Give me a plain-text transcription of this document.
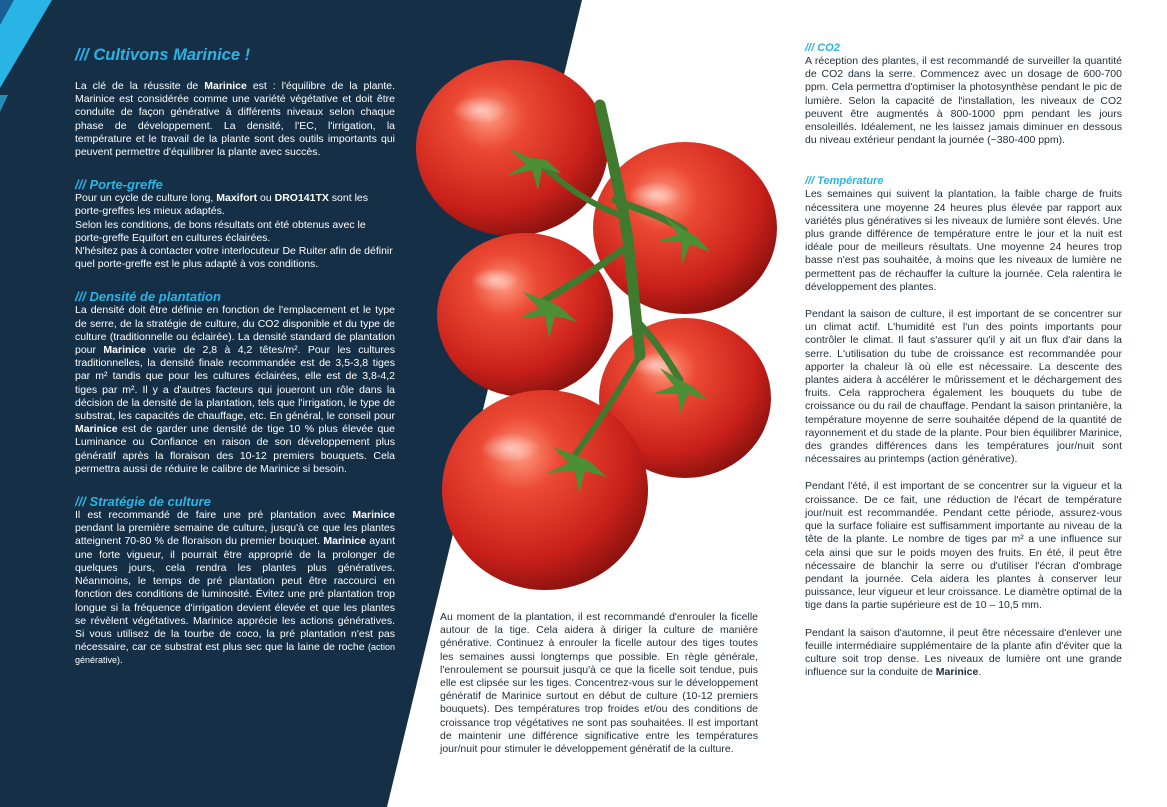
/// Cultivons Marinice !

La clé de la réussite de Marinice est : l'équilibre de la plante. Marinice est considérée comme une variété végétative et doit être conduite de façon générative à différents niveaux selon chaque phase de développement. La densité, l'EC, l'irrigation, la température et le travail de la plante sont des outils importants qui peuvent permettre d'équilibrer la plante avec succès.

/// Porte-greffe

Pour un cycle de culture long, Maxifort ou DRO141TX sont les porte-greffes les mieux adaptés.

Selon les conditions, de bons résultats ont été obtenus avec le porte-greffe Equifort en cultures éclairées.

N'hésitez pas à contacter votre interlocuteur De Ruiter afin de définir quel porte-greffe est le plus adapté à vos conditions.

/// Densité de plantation

La densité doit être définie en fonction de l'emplacement et le type de serre, de la stratégie de culture, du CO2 disponible et du type de culture (traditionnelle ou éclairée). La densité standard de plantation pour Marinice varie de 2,8 à 4,2 têtes/m². Pour les cultures traditionnelles, la densité finale recommandée est de 3,5-3,8 tiges par m² tandis que pour les cultures éclairées, elle est de 3,8-4,2 tiges par m². Il y a d'autres facteurs qui joueront un rôle dans la décision de la densité de la plantation, tels que l'irrigation, le type de substrat, les capacités de chauffage, etc. En général, le conseil pour Marinice est de garder une densité de tige 10 % plus élevée que Luminance ou Confiance en raison de son développement plus génératif après la floraison des 10-12 premiers bouquets. Cela permettra aussi de réduire le calibre de Marinice si besoin.

/// Stratégie de culture

Il est recommandé de faire une pré plantation avec Marinice pendant la première semaine de culture, jusqu'à ce que les plantes atteignent 70-80 % de floraison du premier bouquet. Marinice ayant une forte vigueur, il pourrait être approprié de la prolonger de quelques jours, cela rendra les plantes plus génératives. Néanmoins, le temps de pré plantation peut être raccourci en fonction des conditions de luminosité. Évitez une pré plantation trop longue si la fréquence d'irrigation devient élevée et que les plantes se révèlent végétatives. Marinice apprécie les actions génératives. Si vous utilisez de la tourbe de coco, la pré plantation n'est pas nécessaire, car ce substrat est plus sec que la laine de roche (action générative).

Au moment de la plantation, il est recommandé d'enrouler la ficelle autour de la tige. Cela aidera à diriger la culture de manière générative. Continuez à enrouler la ficelle autour des tiges toutes les semaines aussi longtemps que possible. En règle générale, l'enroulement se poursuit jusqu'à ce que la ficelle soit tendue, puis elle est clipsée sur les tiges. Concentrez-vous sur le développement génératif de Marinice surtout en début de culture (10-12 premiers bouquets). Des températures trop froides et/ou des conditions de croissance trop végétatives ne sont pas souhaitées. Il est important de maintenir une différence significative entre les températures jour/nuit pour stimuler le développement génératif de la culture.

/// CO2

A réception des plantes, il est recommandé de surveiller la quantité de CO2 dans la serre. Commencez avec un dosage de 600-700 ppm. Cela permettra d'optimiser la photosynthèse pendant le pic de lumière. Selon la capacité de l'installation, les niveaux de CO2 peuvent être augmentés à 800-1000 ppm pendant les jours ensoleillés. Idéalement, ne les laissez jamais diminuer en dessous du niveau extérieur pendant la journée (~380-400 ppm).

/// Température

Les semaines qui suivent la plantation, la faible charge de fruits nécessitera une moyenne 24 heures plus élevée par rapport aux variétés plus génératives si les niveaux de lumière sont élevés. Une plus grande différence de température entre le jour et la nuit est idéale pour de meilleurs résultats. Une moyenne 24 heures trop basse n'est pas souhaitée, à moins que les niveaux de lumière ne permettent pas de réchauffer la culture la journée. Cela ralentira le développement des plantes.

Pendant la saison de culture, il est important de se concentrer sur un climat actif. L'humidité est l'un des points importants pour contrôler le climat. Il faut s'assurer qu'il y ait un flux d'air dans la serre. L'utilisation du tube de croissance est recommandée pour apporter la chaleur là où elle est nécessaire. La descente des plantes aidera à accélérer le mûrissement et le déchargement des fruits. Cela rapprochera également les bouquets du tube de croissance ou du rail de chauffage. Pendant la saison printanière, la température moyenne de serre souhaitée dépend de la quantité de rayonnement et du stade de la plante. Pour bien équilibrer Marinice, des grandes différences dans les températures jour/nuit sont nécessaires au printemps (action générative).

Pendant l'été, il est important de se concentrer sur la vigueur et la croissance. De ce fait, une réduction de l'écart de température jour/nuit est recommandée. Pendant cette période, assurez-vous que la surface foliaire est suffisamment importante au niveau de la tête de la plante. Le nombre de tiges par m² a une influence sur cela ainsi que sur le poids moyen des fruits. En été, il peut être nécessaire de blanchir la serre ou d'utiliser l'écran d'ombrage pendant la journée. Cela aidera les plantes à conserver leur puissance, leur vigueur et leur croissance. Le diamètre optimal de la tige dans la partie supérieure est de 10 – 10,5 mm.

Pendant la saison d'automne, il peut être nécessaire d'enlever une feuille intermédiaire supplémentaire de la plante afin d'éviter que la culture soit trop dense. Les niveaux de lumière ont une grande influence sur la conduite de Marinice.
